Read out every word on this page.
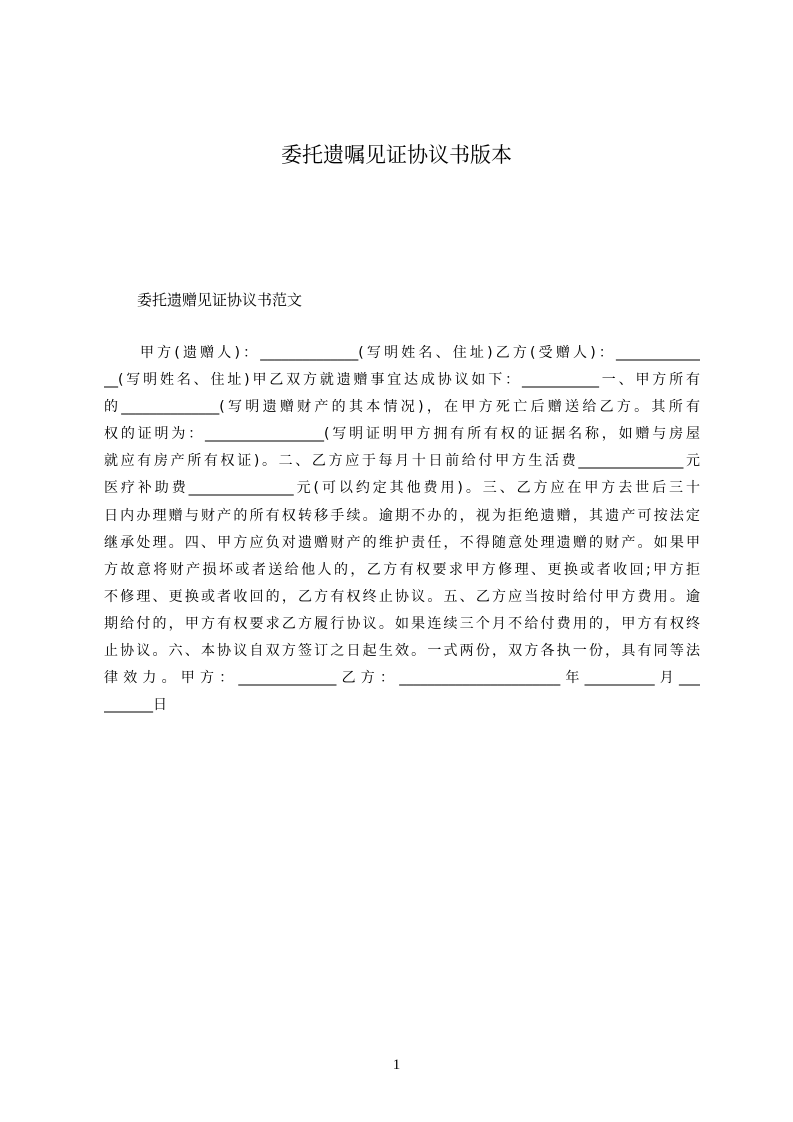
委托遗嘱见证协议书版本

委托遗赠见证协议书范文

甲方(遗赠人)：______________(写明姓名、住址)乙方(受赠人)：____________
__(写明姓名、住址)甲乙双方就遗赠事宜达成协议如下：___________一、甲方所有
的______________(写明遗赠财产的其本情况)，在甲方死亡后赠送给乙方。其所有
权的证明为：_________________(写明证明甲方拥有所有权的证据名称，如赠与房屋
就应有房产所有权证)。二、乙方应于每月十日前给付甲方生活费_______________元
医疗补助费_______________元(可以约定其他费用)。三、乙方应在甲方去世后三十
日内办理赠与财产的所有权转移手续。逾期不办的，视为拒绝遗赠，其遗产可按法定
继承处理。四、甲方应负对遗赠财产的维护责任，不得随意处理遗赠的财产。如果甲
方故意将财产损坏或者送给他人的，乙方有权要求甲方修理、更换或者收回;甲方拒
不修理、更换或者收回的，乙方有权终止协议。五、乙方应当按时给付甲方费用。逾
期给付的，甲方有权要求乙方履行协议。如果连续三个月不给付费用的，甲方有权终
止协议。六、本协议自双方签订之日起生效。一式两份，双方各执一份，具有同等法
律效力。甲方：______________乙方：_______________________年__________月___
_______日

1
